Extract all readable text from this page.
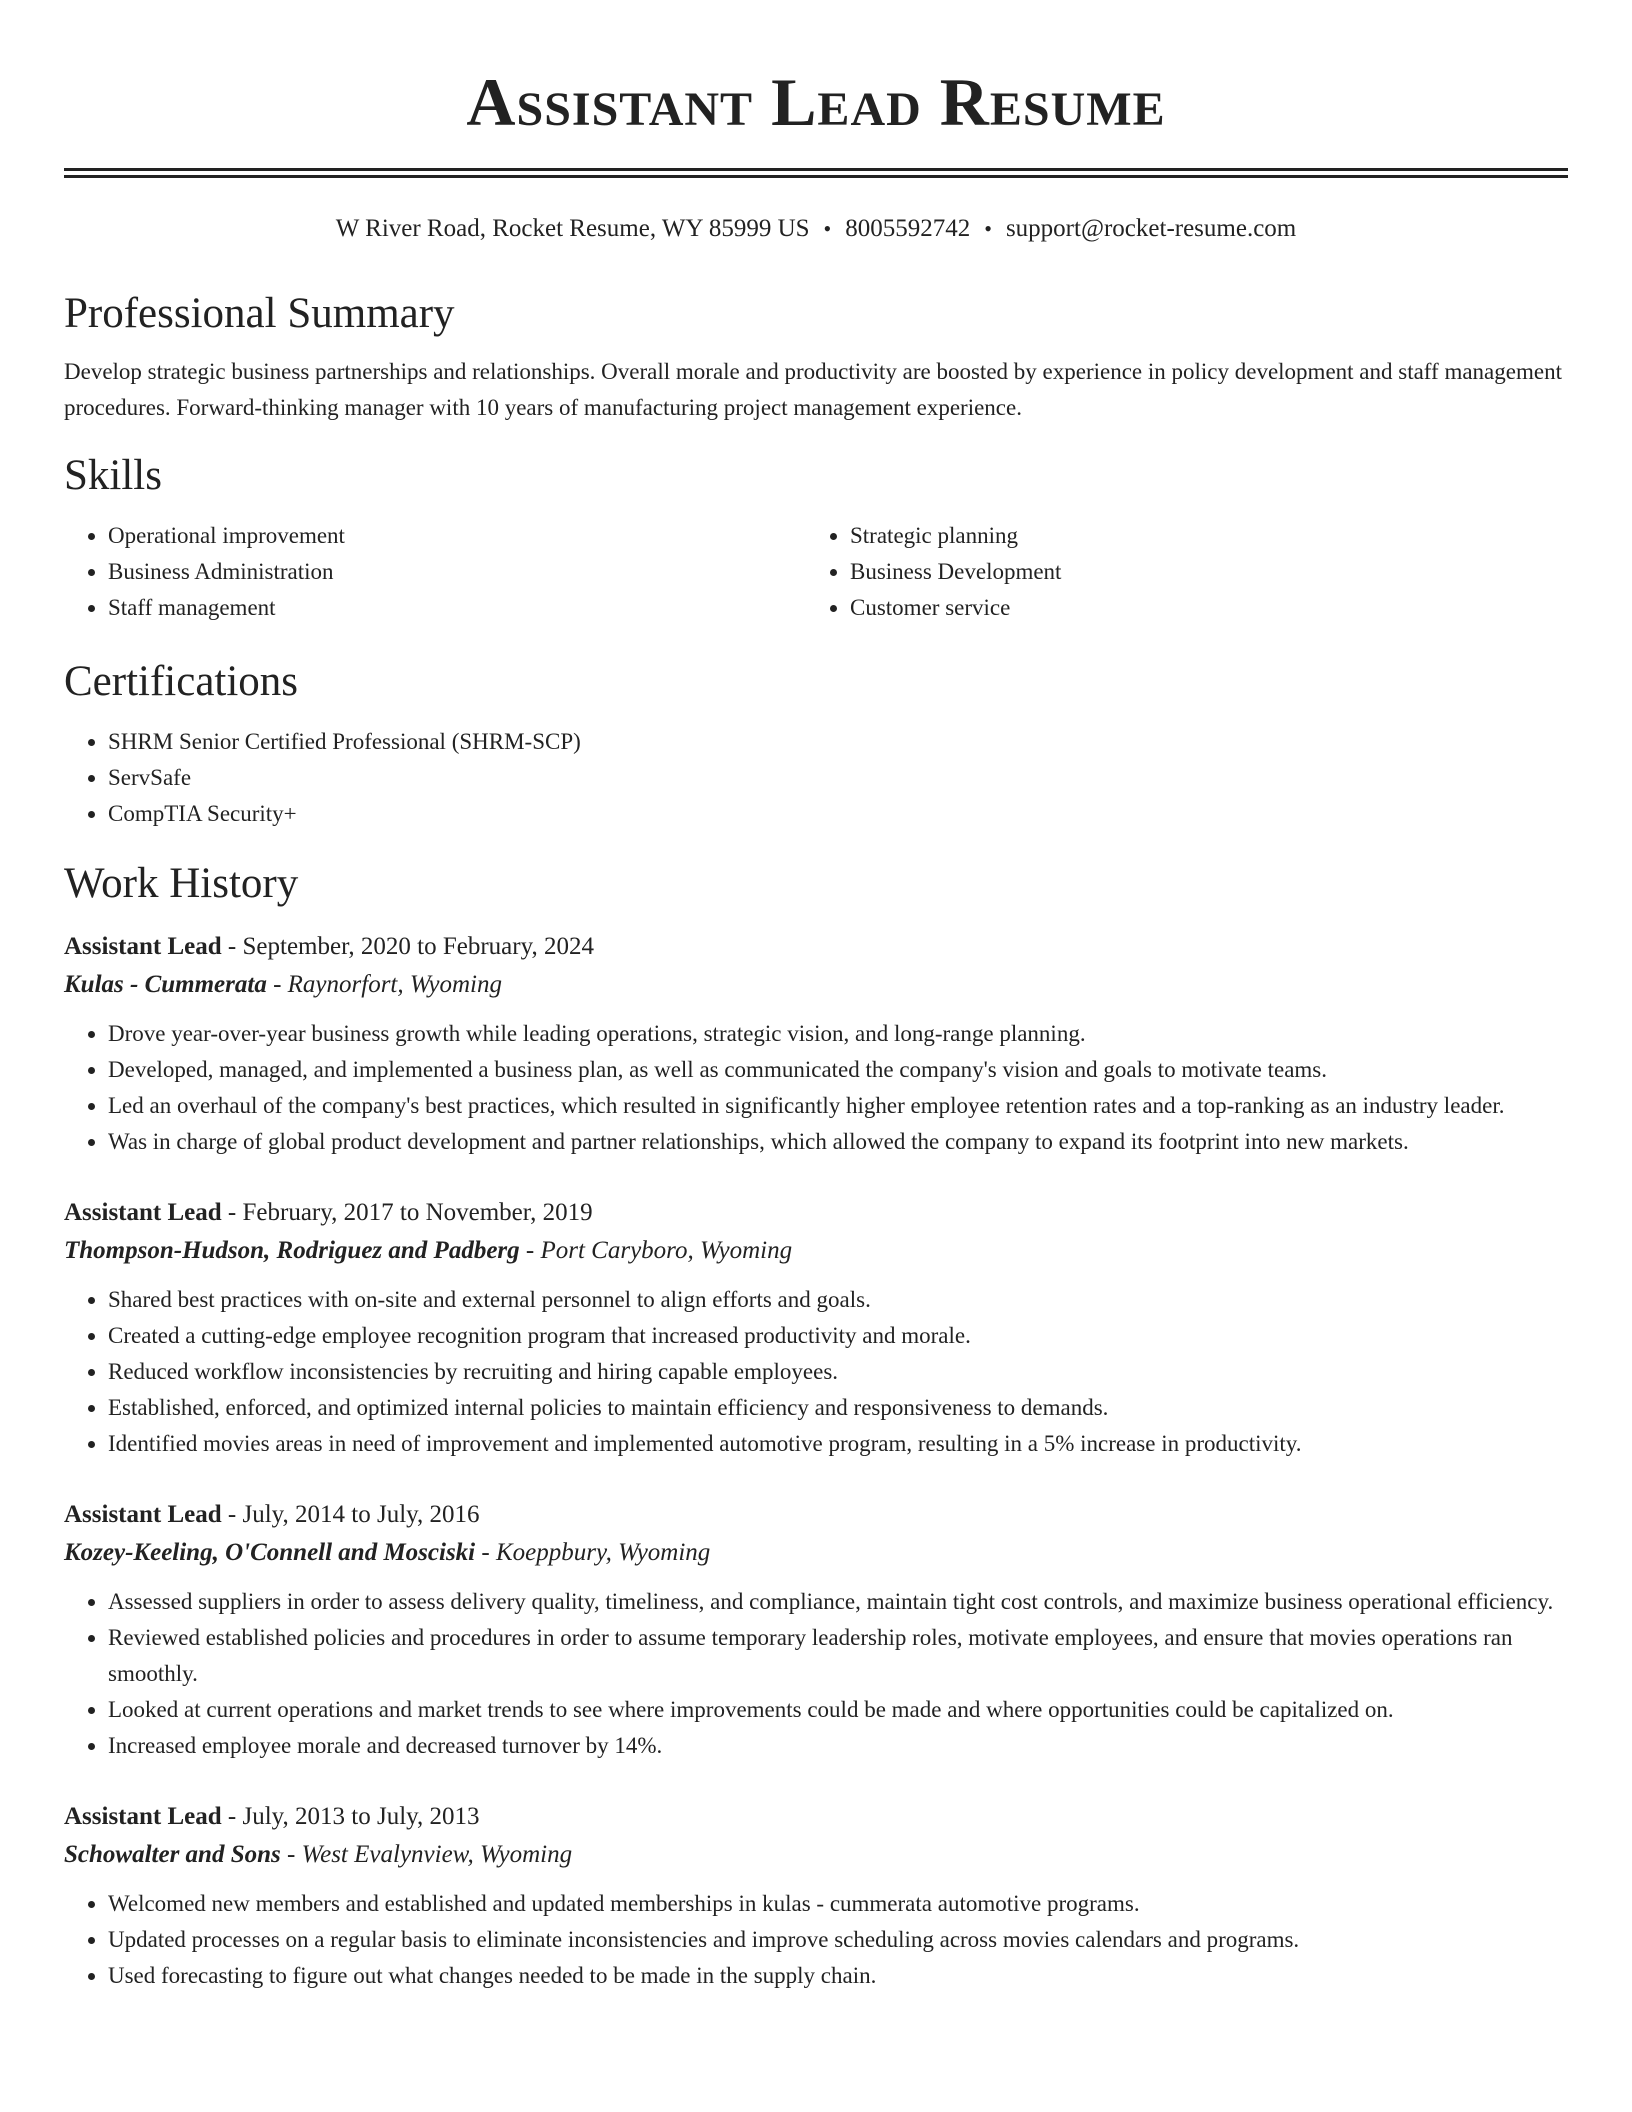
Assistant Lead Resume
W River Road, Rocket Resume, WY 85999 US • 8005592742 • support@rocket-resume.com
Professional Summary
Develop strategic business partnerships and relationships. Overall morale and productivity are boosted by experience in policy development and staff management procedures. Forward-thinking manager with 10 years of manufacturing project management experience.
Skills
• Operational improvement
• Business Administration
• Staff management
• Strategic planning
• Business Development
• Customer service
Certifications
• SHRM Senior Certified Professional (SHRM-SCP)
• ServSafe
• CompTIA Security+
Work History
Assistant Lead - September, 2020 to February, 2024
Kulas - Cummerata - Raynorfort, Wyoming
• Drove year-over-year business growth while leading operations, strategic vision, and long-range planning.
• Developed, managed, and implemented a business plan, as well as communicated the company's vision and goals to motivate teams.
• Led an overhaul of the company's best practices, which resulted in significantly higher employee retention rates and a top-ranking as an industry leader.
• Was in charge of global product development and partner relationships, which allowed the company to expand its footprint into new markets.
Assistant Lead - February, 2017 to November, 2019
Thompson-Hudson, Rodriguez and Padberg - Port Caryboro, Wyoming
• Shared best practices with on-site and external personnel to align efforts and goals.
• Created a cutting-edge employee recognition program that increased productivity and morale.
• Reduced workflow inconsistencies by recruiting and hiring capable employees.
• Established, enforced, and optimized internal policies to maintain efficiency and responsiveness to demands.
• Identified movies areas in need of improvement and implemented automotive program, resulting in a 5% increase in productivity.
Assistant Lead - July, 2014 to July, 2016
Kozey-Keeling, O'Connell and Mosciski - Koeppbury, Wyoming
• Assessed suppliers in order to assess delivery quality, timeliness, and compliance, maintain tight cost controls, and maximize business operational efficiency.
• Reviewed established policies and procedures in order to assume temporary leadership roles, motivate employees, and ensure that movies operations ran smoothly.
• Looked at current operations and market trends to see where improvements could be made and where opportunities could be capitalized on.
• Increased employee morale and decreased turnover by 14%.
Assistant Lead - July, 2013 to July, 2013
Schowalter and Sons - West Evalynview, Wyoming
• Welcomed new members and established and updated memberships in kulas - cummerata automotive programs.
• Updated processes on a regular basis to eliminate inconsistencies and improve scheduling across movies calendars and programs.
• Used forecasting to figure out what changes needed to be made in the supply chain.
